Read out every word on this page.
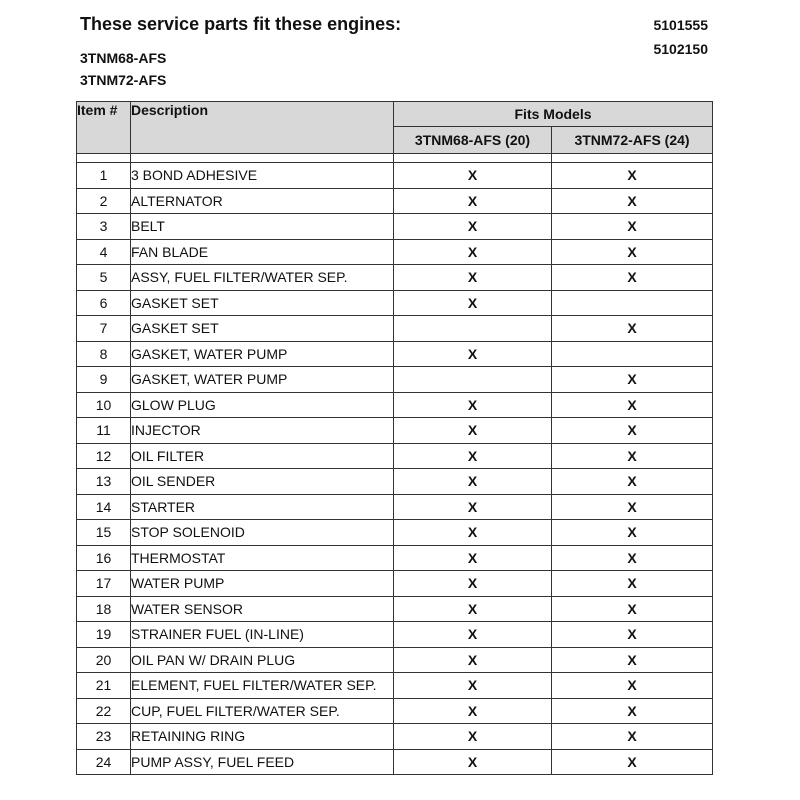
These service parts fit these engines:
3TNM68-AFS
3TNM72-AFS
5101555
5102150
Item #	Description	Fits Models	
		3TNM68-AFS (20)	3TNM72-AFS (24)

1	3 BOND ADHESIVE	X	X
2	ALTERNATOR	X	X
3	BELT	X	X
4	FAN BLADE	X	X
5	ASSY, FUEL FILTER/WATER SEP.	X	X
6	GASKET SET	X	
7	GASKET SET		X
8	GASKET, WATER PUMP	X	
9	GASKET, WATER PUMP		X
10	GLOW PLUG	X	X
11	INJECTOR	X	X
12	OIL FILTER	X	X
13	OIL SENDER	X	X
14	STARTER	X	X
15	STOP SOLENOID	X	X
16	THERMOSTAT	X	X
17	WATER PUMP	X	X
18	WATER SENSOR	X	X
19	STRAINER FUEL (IN-LINE)	X	X
20	OIL PAN W/ DRAIN PLUG	X	X
21	ELEMENT, FUEL FILTER/WATER SEP.	X	X
22	CUP, FUEL FILTER/WATER SEP.	X	X
23	RETAINING RING	X	X
24	PUMP ASSY, FUEL FEED	X	X
